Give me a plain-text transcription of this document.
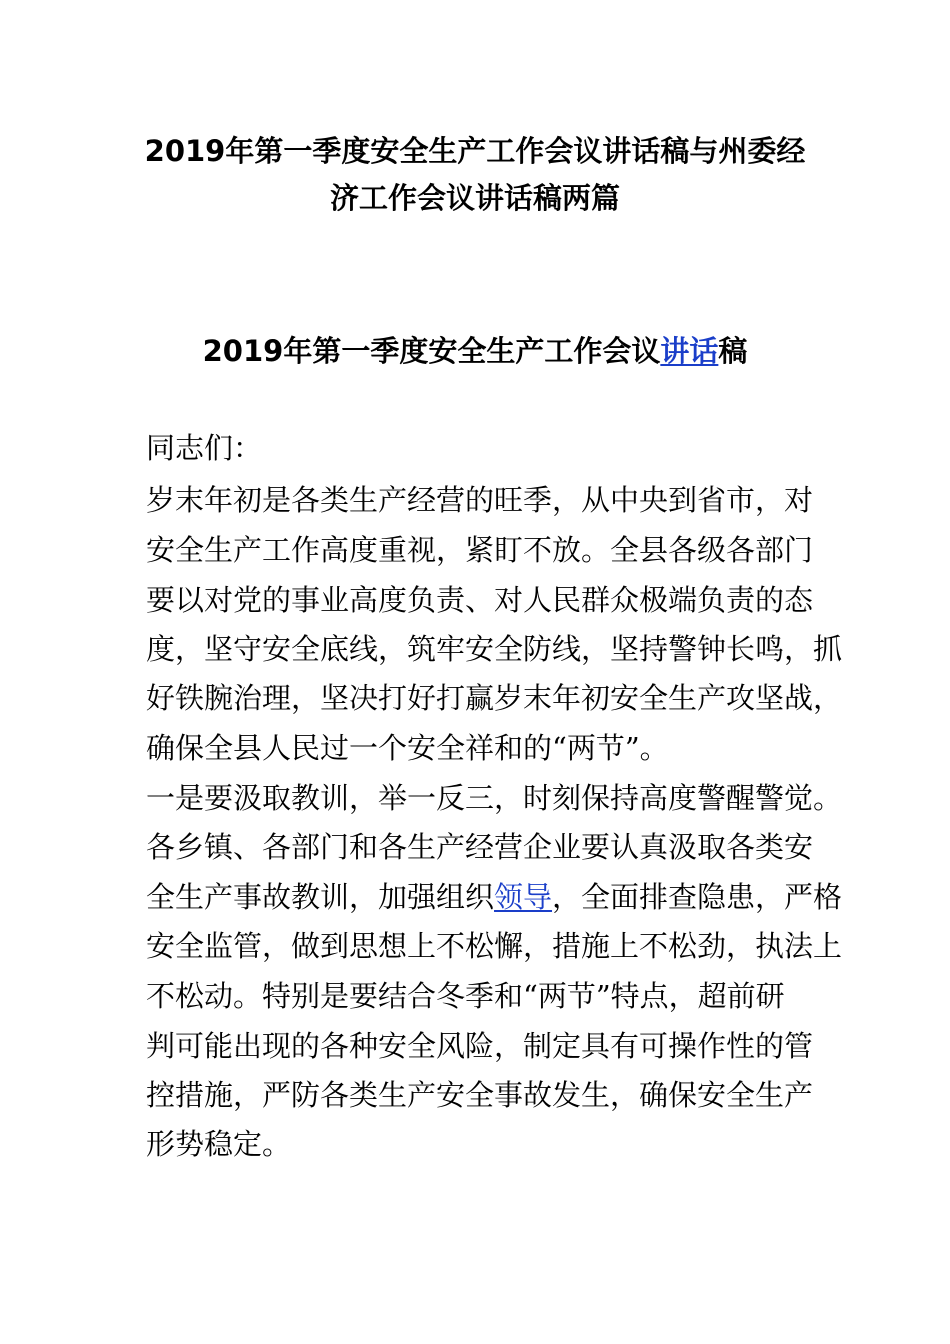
2019年第一季度安全生产工作会议讲话稿与州委经
济工作会议讲话稿两篇
2019年第一季度安全生产工作会议讲话稿
同志们：
岁末年初是各类生产经营的旺季，从中央到省市，对
安全生产工作高度重视，紧盯不放。全县各级各部门
要以对党的事业高度负责、对人民群众极端负责的态
度，坚守安全底线，筑牢安全防线，坚持警钟长鸣，抓
好铁腕治理，坚决打好打赢岁末年初安全生产攻坚战，
确保全县人民过一个安全祥和的“两节”。
一是要汲取教训，举一反三，时刻保持高度警醒警觉。
各乡镇、各部门和各生产经营企业要认真汲取各类安
全生产事故教训，加强组织领导，全面排查隐患，严格
安全监管，做到思想上不松懈，措施上不松劲，执法上
不松动。特别是要结合冬季和“两节”特点，超前研
判可能出现的各种安全风险，制定具有可操作性的管
控措施，严防各类生产安全事故发生，确保安全生产
形势稳定。
